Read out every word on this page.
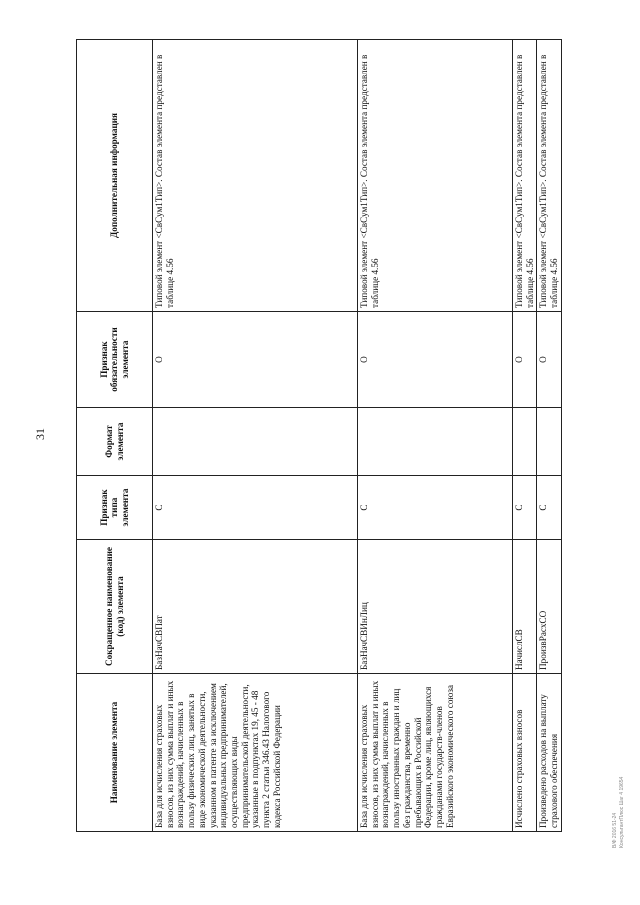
31
Наименование элемента	Сокращенное наименование (код) элемента	Признак типа элемента	Формат элемента	Признак обязательности элемента	Дополнительная информация
База для исчисления страховых взносов, из них сумма выплат и иных вознаграждений, начисленных в пользу физических лиц, занятых в виде экономической деятельности, указанном в патенте за исключением индивидуальных предпринимателей, осуществляющих виды предпринимательской деятельности, указанные в подпунктах 19, 45 - 48 пункта 2 статьи 346.43 Налогового кодекса Российской Федерации	БазНачСВПат	С		О	Типовой элемент <СвСум1Тип>. Состав элемента представлен в таблице 4.56
База для исчисления страховых взносов, из них сумма выплат и иных вознаграждений, начисленных в пользу иностранных граждан и лиц без гражданства, временно пребывающих в Российской Федерации, кроме лиц, являющихся гражданами государств-членов Евразийского экономического союза	БазНачСВИнЛиц	С		О	Типовой элемент <СвСум1Тип>. Состав элемента представлен в таблице 4.56
Исчислено страховых взносов	НачислСВ	С		О	Типовой элемент <СвСум1Тип>. Состав элемента представлен в таблице 4.56
Произведено расходов на выплату страхового обеспечения	ПроизвРасхСО	С		О	Типовой элемент <СвСум1Тип>. Состав элемента представлен в таблице 4.56
В/Ф 2016 51-24 КонсультантПлюс Шаг 4 19654
